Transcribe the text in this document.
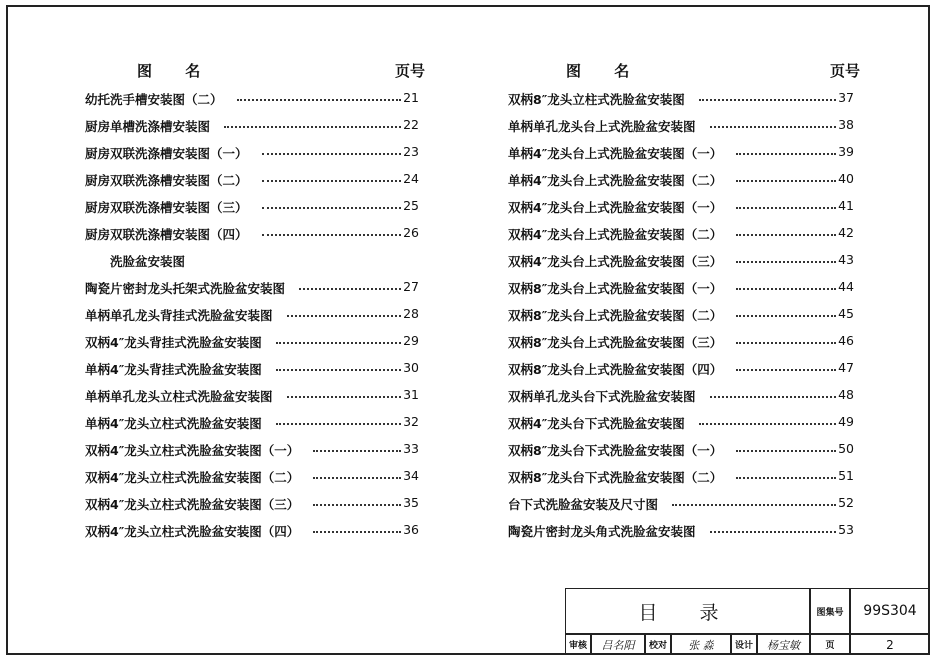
图 名	页号
幼托洗手槽安装图（二）	21
厨房单槽洗涤槽安装图	22
厨房双联洗涤槽安装图（一）	23
厨房双联洗涤槽安装图（二）	24
厨房双联洗涤槽安装图（三）	25
厨房双联洗涤槽安装图（四）	26
洗脸盆安装图
陶瓷片密封龙头托架式洗脸盆安装图	27
单柄单孔龙头背挂式洗脸盆安装图	28
双柄4″龙头背挂式洗脸盆安装图	29
单柄4″龙头背挂式洗脸盆安装图	30
单柄单孔龙头立柱式洗脸盆安装图	31
单柄4″龙头立柱式洗脸盆安装图	32
双柄4″龙头立柱式洗脸盆安装图（一）	33
双柄4″龙头立柱式洗脸盆安装图（二）	34
双柄4″龙头立柱式洗脸盆安装图（三）	35
双柄4″龙头立柱式洗脸盆安装图（四）	36
图 名	页号
双柄8″龙头立柱式洗脸盆安装图	37
单柄单孔龙头台上式洗脸盆安装图	38
单柄4″龙头台上式洗脸盆安装图（一）	39
单柄4″龙头台上式洗脸盆安装图（二）	40
双柄4″龙头台上式洗脸盆安装图（一）	41
双柄4″龙头台上式洗脸盆安装图（二）	42
双柄4″龙头台上式洗脸盆安装图（三）	43
双柄8″龙头台上式洗脸盆安装图（一）	44
双柄8″龙头台上式洗脸盆安装图（二）	45
双柄8″龙头台上式洗脸盆安装图（三）	46
双柄8″龙头台上式洗脸盆安装图（四）	47
双柄单孔龙头台下式洗脸盆安装图	48
双柄4″龙头台下式洗脸盆安装图	49
双柄8″龙头台下式洗脸盆安装图（一）	50
双柄8″龙头台下式洗脸盆安装图（二）	51
台下式洗脸盆安装及尺寸图	52
陶瓷片密封龙头角式洗脸盆安装图	53
目 录	图集号	99S304
审核	吕名阳	校对	张 淼	设计	杨宝敏	页	2
